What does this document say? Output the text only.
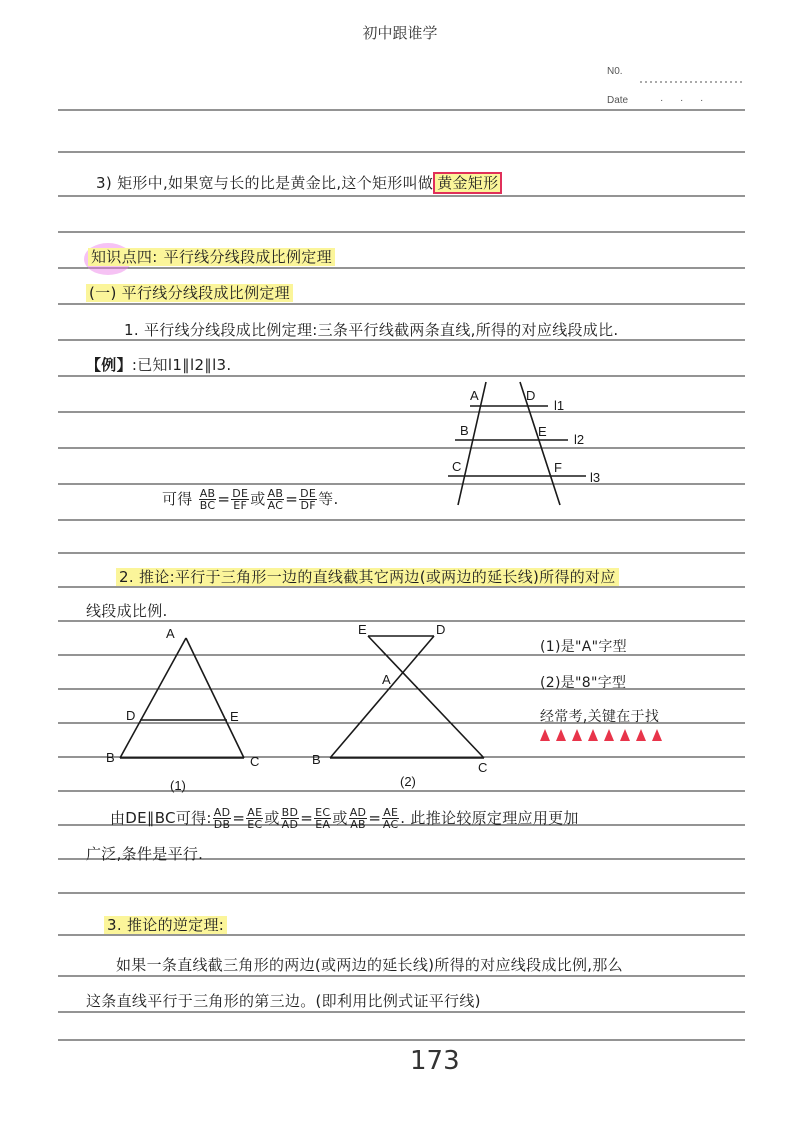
初中跟谁学
N0.
Date	·      ·      ·
3) 矩形中,如果宽与长的比是黄金比,这个矩形叫做 黄金矩形
知识点四: 平行线分线段成比例定理
(一) 平行线分线段成比例定理
1. 平行线分线段成比例定理:三条平行线截两条直线,所得的对应线段成比.
【例】:已知l1∥l2∥l3.
A
B
C
D
E
F
l1
l2
l3
可得 $\frac{AB}{BC} = \frac{DE}{EF}$ 或 $\frac{AB}{AC} = \frac{DE}{DF}$ 等.
2. 推论:平行于三角形一边的直线截其它两边(或两边的延长线)所得的对应
线段成比例.
A
D	E
B	C
(1)
E	D
A
B
C
(2)
(1)是"A"字型
(2)是"8"字型
经常考,关键在于找
由DE∥BC可得: $\frac{AD}{DB} = \frac{AE}{EC}$ 或 $\frac{BD}{AD} = \frac{EC}{EA}$ 或 $\frac{AD}{AB} = \frac{AE}{AC}$ . 此推论较原定理应用更加
广泛,条件是平行.
3. 推论的逆定理:
如果一条直线截三角形的两边(或两边的延长线)所得的对应线段成比例,那么
这条直线平行于三角形的第三边。(即利用比例式证平行线)
173
